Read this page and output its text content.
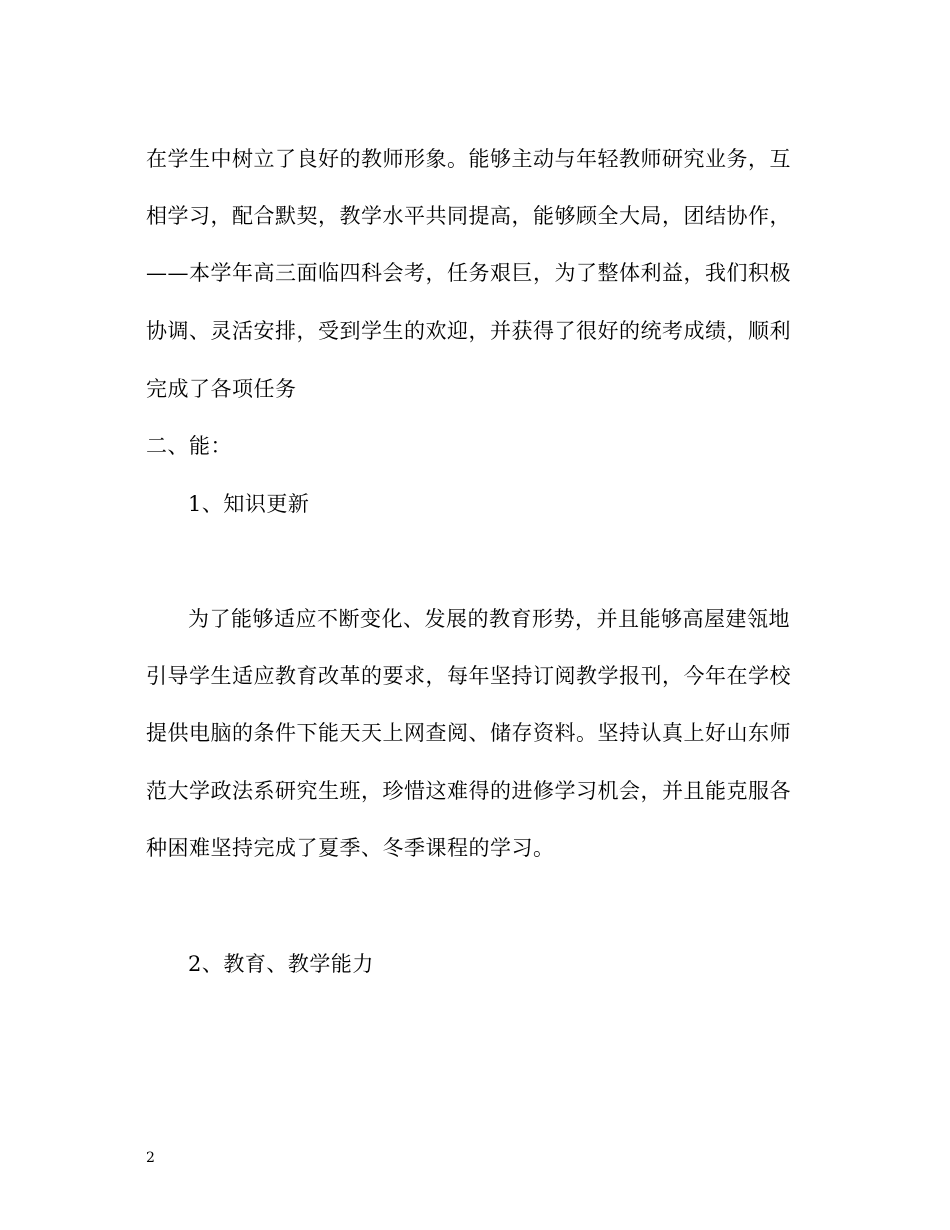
在学生中树立了良好的教师形象。能够主动与年轻教师研究业务，互
相学习，配合默契，教学水平共同提高，能够顾全大局，团结协作，
——本学年高三面临四科会考，任务艰巨，为了整体利益，我们积极
协调、灵活安排，受到学生的欢迎，并获得了很好的统考成绩，顺利
完成了各项任务
二、能：
1、知识更新
为了能够适应不断变化、发展的教育形势，并且能够高屋建瓴地
引导学生适应教育改革的要求，每年坚持订阅教学报刊，今年在学校
提供电脑的条件下能天天上网查阅、储存资料。坚持认真上好山东师
范大学政法系研究生班，珍惜这难得的进修学习机会，并且能克服各
种困难坚持完成了夏季、冬季课程的学习。
2、教育、教学能力
2
